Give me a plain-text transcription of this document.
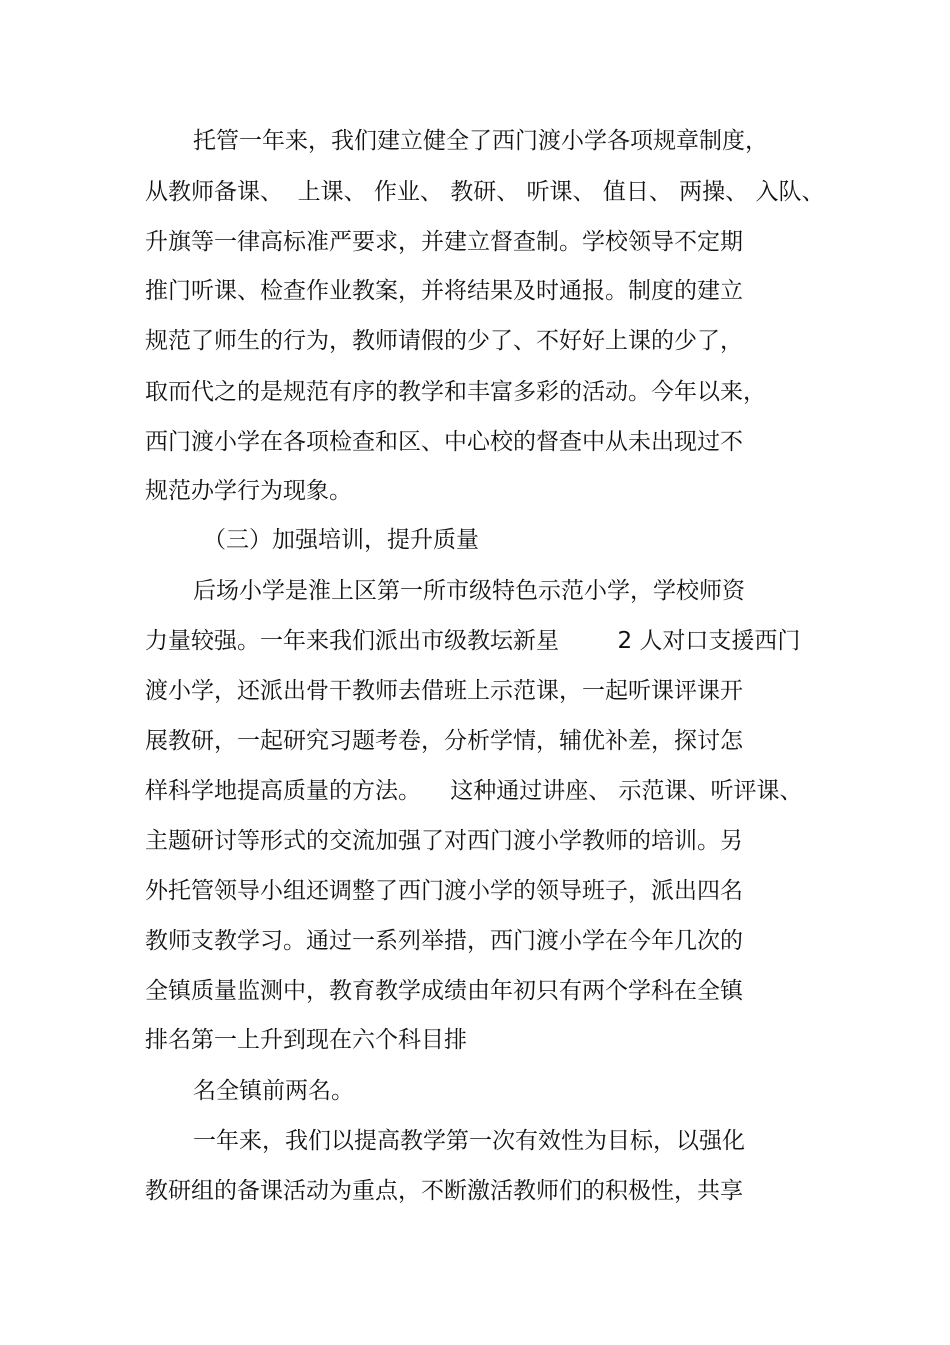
托管一年来，我们建立健全了西门渡小学各项规章制度，
从教师备课、  上课、 作业、 教研、 听课、 值日、 两操、 入队、
升旗等一律高标准严要求，并建立督查制。学校领导不定期
推门听课、检查作业教案，并将结果及时通报。制度的建立
规范了师生的行为，教师请假的少了、不好好上课的少了，
取而代之的是规范有序的教学和丰富多彩的活动。今年以来，
西门渡小学在各项检查和区、中心校的督查中从未出现过不
规范办学行为现象。
（三）加强培训，提升质量
后场小学是淮上区第一所市级特色示范小学，学校师资
力量较强。一年来我们派出市级教坛新星        2 人对口支援西门
渡小学，还派出骨干教师去借班上示范课，一起听课评课开
展教研，一起研究习题考卷，分析学情，辅优补差，探讨怎
样科学地提高质量的方法。    这种通过讲座、 示范课、听评课、
主题研讨等形式的交流加强了对西门渡小学教师的培训。另
外托管领导小组还调整了西门渡小学的领导班子，派出四名
教师支教学习。通过一系列举措，西门渡小学在今年几次的
全镇质量监测中，教育教学成绩由年初只有两个学科在全镇
排名第一上升到现在六个科目排
名全镇前两名。
一年来，我们以提高教学第一次有效性为目标，以强化
教研组的备课活动为重点，不断激活教师们的积极性，共享
